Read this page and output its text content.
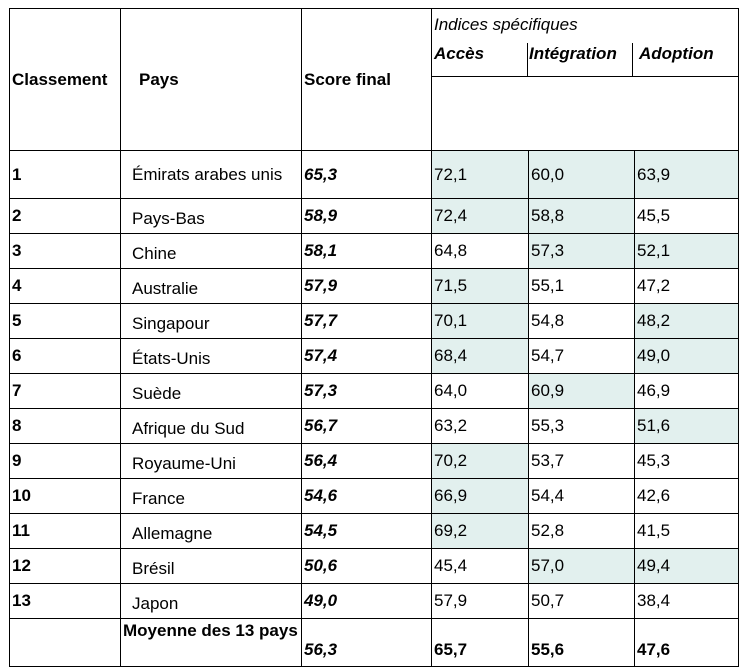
Classement	Pays	Score final	Indices spécifiques
Accès Intégration Adoption		

1	Émirats arabes unis	65,3	72,1	60,0	63,9
2	Pays-Bas	58,9	72,4	58,8	45,5
3	Chine	58,1	64,8	57,3	52,1
4	Australie	57,9	71,5	55,1	47,2
5	Singapour	57,7	70,1	54,8	48,2
6	États-Unis	57,4	68,4	54,7	49,0
7	Suède	57,3	64,0	60,9	46,9
8	Afrique du Sud	56,7	63,2	55,3	51,6
9	Royaume-Uni	56,4	70,2	53,7	45,3
10	France	54,6	66,9	54,4	42,6
11	Allemagne	54,5	69,2	52,8	41,5
12	Brésil	50,6	45,4	57,0	49,4
13	Japon	49,0	57,9	50,7	38,4
	Moyenne des 13 pays	56,3	65,7	55,6	47,6
